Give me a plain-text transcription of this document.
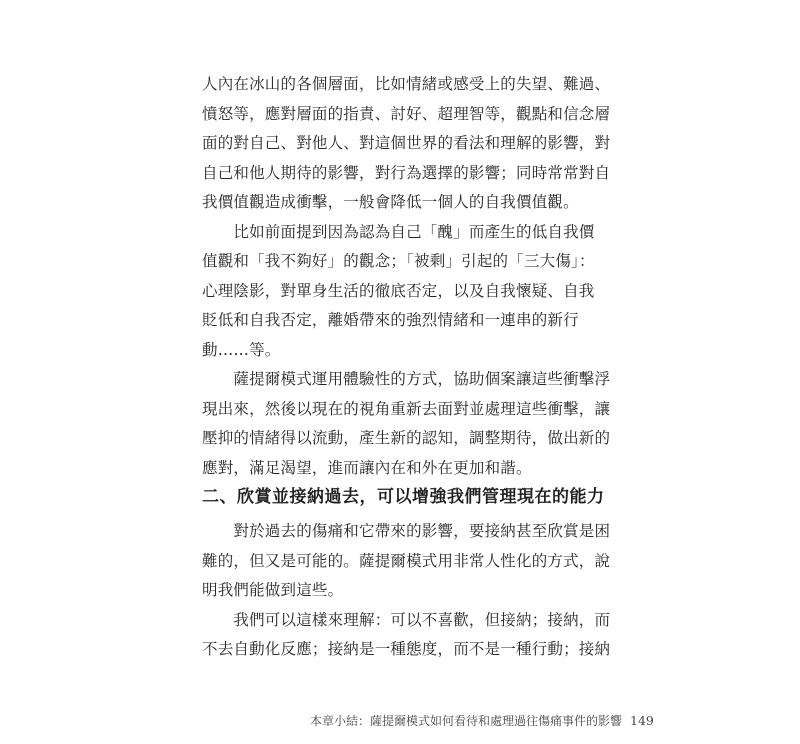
人內在冰山的各個層面，比如情緒或感受上的失望、難過、
憤怒等，應對層面的指責、討好、超理智等，觀點和信念層
面的對自己、對他人、對這個世界的看法和理解的影響，對
自己和他人期待的影響，對行為選擇的影響；同時常常對自
我價值觀造成衝擊，一般會降低一個人的自我價值觀。

　　比如前面提到因為認為自己「醜」而產生的低自我價
值觀和「我不夠好」的觀念；「被剩」引起的「三大傷」：
心理陰影，對單身生活的徹底否定，以及自我懷疑、自我
貶低和自我否定，離婚帶來的強烈情緒和一連串的新行
動……等。

　　薩提爾模式運用體驗性的方式，協助個案讓這些衝擊浮
現出來，然後以現在的視角重新去面對並處理這些衝擊，讓
壓抑的情緒得以流動，產生新的認知，調整期待，做出新的
應對，滿足渴望，進而讓內在和外在更加和諧。

二、欣賞並接納過去，可以增強我們管理現在的能力

　　對於過去的傷痛和它帶來的影響，要接納甚至欣賞是困
難的，但又是可能的。薩提爾模式用非常人性化的方式，說
明我們能做到這些。

　　我們可以這樣來理解：可以不喜歡，但接納；接納，而
不去自動化反應；接納是一種態度，而不是一種行動；接納

本章小結：薩提爾模式如何看待和處理過往傷痛事件的影響 149
